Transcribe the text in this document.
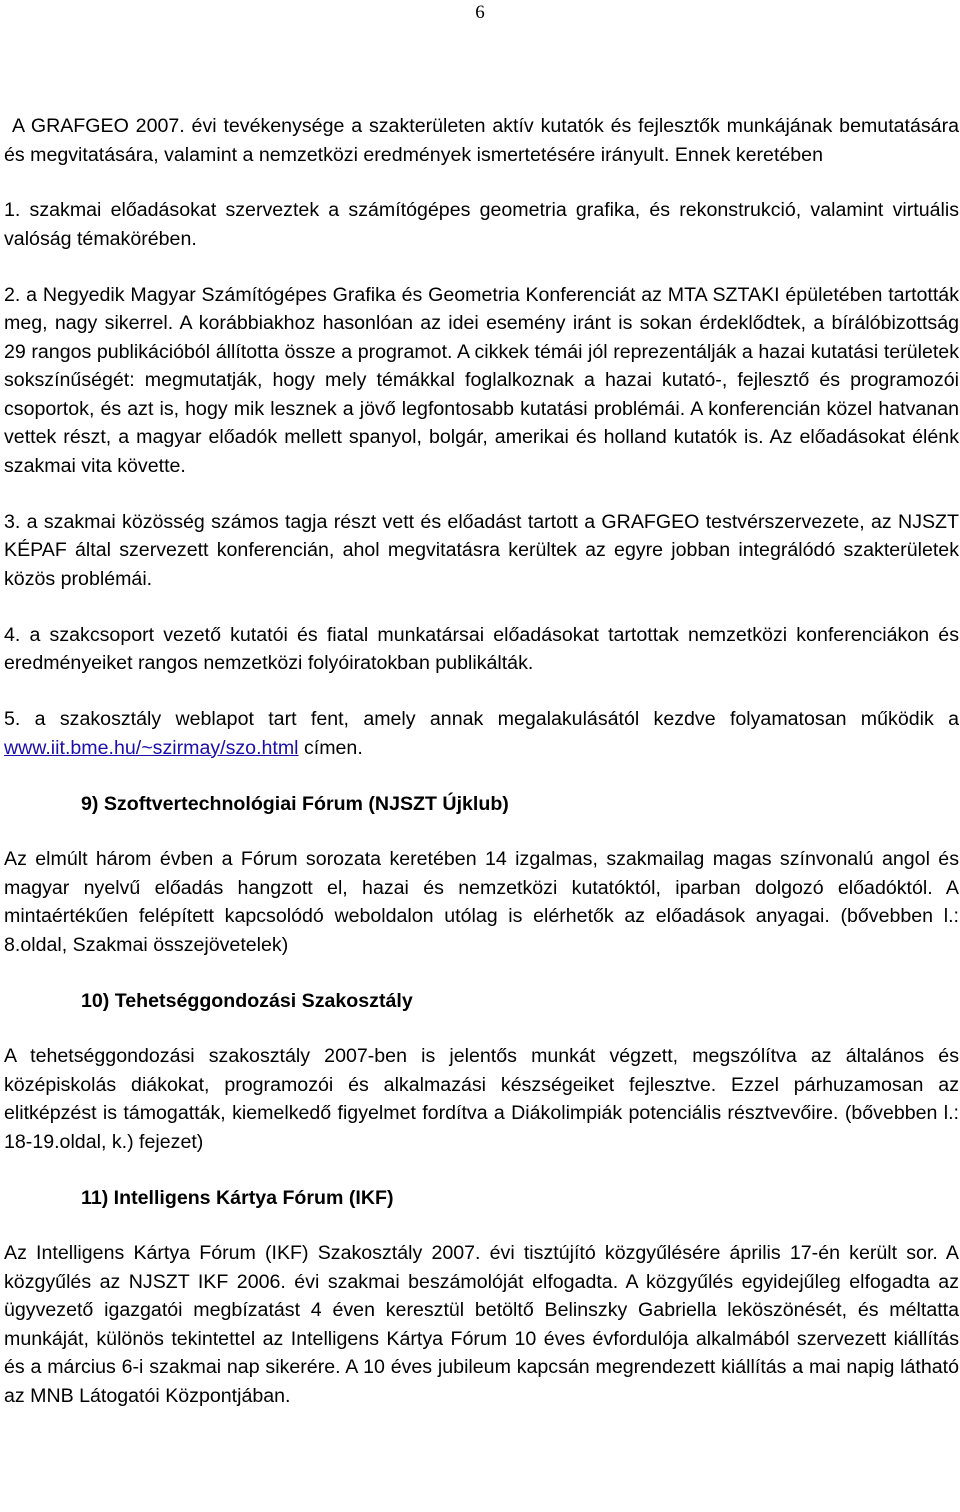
6

A GRAFGEO 2007. évi tevékenysége a szakterületen aktív kutatók és fejlesztők munkájának bemutatására és megvitatására, valamint a nemzetközi eredmények ismertetésére irányult. Ennek keretében

1. szakmai előadásokat szerveztek a számítógépes geometria grafika, és rekonstrukció, valamint virtuális valóság témakörében.

2. a Negyedik Magyar Számítógépes Grafika és Geometria Konferenciát az MTA SZTAKI épületében tartották meg, nagy sikerrel. A korábbiakhoz hasonlóan az idei esemény iránt is sokan érdeklődtek, a bírálóbizottság 29 rangos publikációból állította össze a programot. A cikkek témái jól reprezentálják a hazai kutatási területek sokszínűségét: megmutatják, hogy mely témákkal foglalkoznak a hazai kutató-, fejlesztő és programozói csoportok, és azt is, hogy mik lesznek a jövő legfontosabb kutatási problémái. A konferencián közel hatvanan vettek részt, a magyar előadók mellett spanyol, bolgár, amerikai és holland kutatók is. Az előadásokat élénk szakmai vita követte.

3. a szakmai közösség számos tagja részt vett és előadást tartott a GRAFGEO testvérszervezete, az NJSZT KÉPAF által szervezett konferencián, ahol megvitatásra kerültek az egyre jobban integrálódó szakterületek közös problémái.

4. a szakcsoport vezető kutatói és fiatal munkatársai előadásokat tartottak nemzetközi konferenciákon és eredményeiket rangos nemzetközi folyóiratokban publikálták.

5. a szakosztály weblapot tart fent, amely annak megalakulásától kezdve folyamatosan működik a www.iit.bme.hu/~szirmay/szo.html címen.

9) Szoftvertechnológiai Fórum (NJSZT Újklub)

Az elmúlt három évben a Fórum sorozata keretében 14 izgalmas, szakmailag magas színvonalú angol és magyar nyelvű előadás hangzott el, hazai és nemzetközi kutatóktól, iparban dolgozó előadóktól. A mintaértékűen felépített kapcsolódó weboldalon utólag is elérhetők az előadások anyagai. (bővebben l.: 8.oldal, Szakmai összejövetelek)

10) Tehetséggondozási Szakosztály

A tehetséggondozási szakosztály 2007-ben is jelentős munkát végzett, megszólítva az általános és középiskolás diákokat, programozói és alkalmazási készségeiket fejlesztve. Ezzel párhuzamosan az elitképzést is támogatták, kiemelkedő figyelmet fordítva a Diákolimpiák potenciális résztvevőire. (bővebben l.: 18-19.oldal, k.) fejezet)

11) Intelligens Kártya Fórum (IKF)

Az Intelligens Kártya Fórum (IKF) Szakosztály 2007. évi tisztújító közgyűlésére április 17-én került sor. A közgyűlés az NJSZT IKF 2006. évi szakmai beszámolóját elfogadta. A közgyűlés egyidejűleg elfogadta az ügyvezető igazgatói megbízatást 4 éven keresztül betöltő Belinszky Gabriella leköszönését, és méltatta munkáját, különös tekintettel az Intelligens Kártya Fórum 10 éves évfordulója alkalmából szervezett kiállítás és a március 6-i szakmai nap sikerére. A 10 éves jubileum kapcsán megrendezett kiállítás a mai napig látható az MNB Látogatói Központjában.
